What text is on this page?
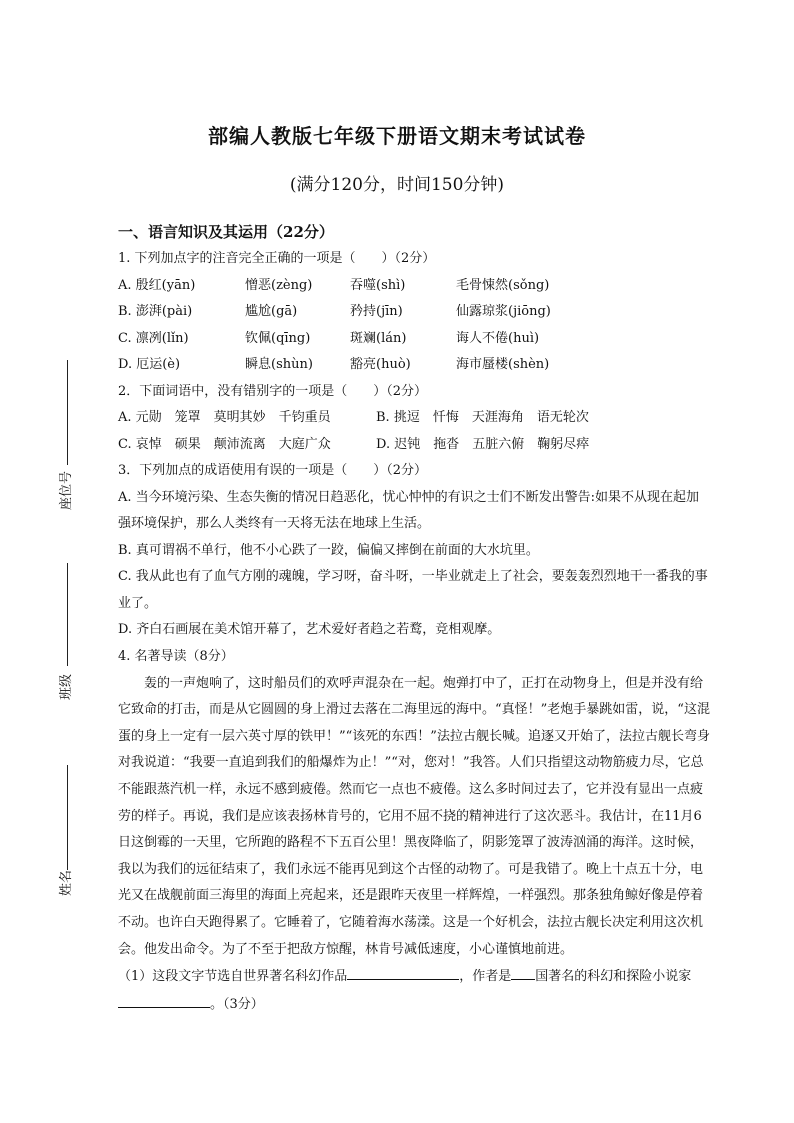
座位号
班级
姓名
部编人教版七年级下册语文期末考试试卷
(满分120分，时间150分钟)
一、语言知识及其运用（22分）
1. 下列加点字的注音完全正确的一项是（　　）（2分）
A. 殷红(yān)	憎恶(zèng)	吞噬(shì)	毛骨悚然(sǒng)
B. 澎湃(pài)	尴尬(gā)	矜持(jīn)	仙露琼浆(jiōng)
C. 凛冽(lǐn)	钦佩(qīng)	斑斓(lán)	诲人不倦(huì)
D. 厄运(è)	瞬息(shùn)	豁亮(huò)	海市蜃楼(shèn)
2．下面词语中，没有错别字的一项是（　　）（2分）
A. 元勋　笼罩　莫明其妙　千钧重员	B. 挑逗　忏悔　天涯海角　语无轮次
C. 哀悼　硕果　颠沛流离　大庭广众	D. 迟钝　拖沓　五脏六俯　鞠躬尽瘁
3．下列加点的成语使用有误的一项是（　　）（2分）
A. 当今环境污染、生态失衡的情况日趋恶化，忧心忡忡的有识之士们不断发出警告:如果不从现在起加强环境保护，那么人类终有一天将无法在地球上生活。
B. 真可谓祸不单行，他不小心跌了一跤，偏偏又摔倒在前面的大水坑里。
C. 我从此也有了血气方刚的魂魄，学习呀，奋斗呀，一毕业就走上了社会，要轰轰烈烈地干一番我的事业了。
D. 齐白石画展在美术馆开幕了，艺术爱好者趋之若鹜，竞相观摩。
4. 名著导读（8分）
轰的一声炮响了，这时船员们的欢呼声混杂在一起。炮弹打中了，正打在动物身上，但是并没有给它致命的打击，而是从它圆圆的身上滑过去落在二海里远的海中。“真怪！”老炮手暴跳如雷，说，“这混蛋的身上一定有一层六英寸厚的铁甲！”“该死的东西！”法拉古舰长喊。追逐又开始了，法拉古舰长弯身对我说道：“我要一直追到我们的船爆炸为止！”“对，您对！”我答。人们只指望这动物筋疲力尽，它总不能跟蒸汽机一样，永远不感到疲倦。然而它一点也不疲倦。这么多时间过去了，它并没有显出一点疲劳的样子。再说，我们是应该表扬林肯号的，它用不屈不挠的精神进行了这次恶斗。我估计，在11月6日这倒霉的一天里，它所跑的路程不下五百公里！黑夜降临了，阴影笼罩了波涛汹涌的海洋。这时候，我以为我们的远征结束了，我们永远不能再见到这个古怪的动物了。可是我错了。晚上十点五十分，电光又在战舰前面三海里的海面上亮起来，还是跟昨天夜里一样辉煌，一样强烈。那条独角鲸好像是停着不动。也许白天跑得累了。它睡着了，它随着海水荡漾。这是一个好机会，法拉古舰长决定利用这次机会。他发出命令。为了不至于把敌方惊醒，林肯号减低速度，小心谨慎地前进。
（1）这段文字节选自世界著名科幻作品	，作者是 国著名的科幻和探险小说家。（3分）
